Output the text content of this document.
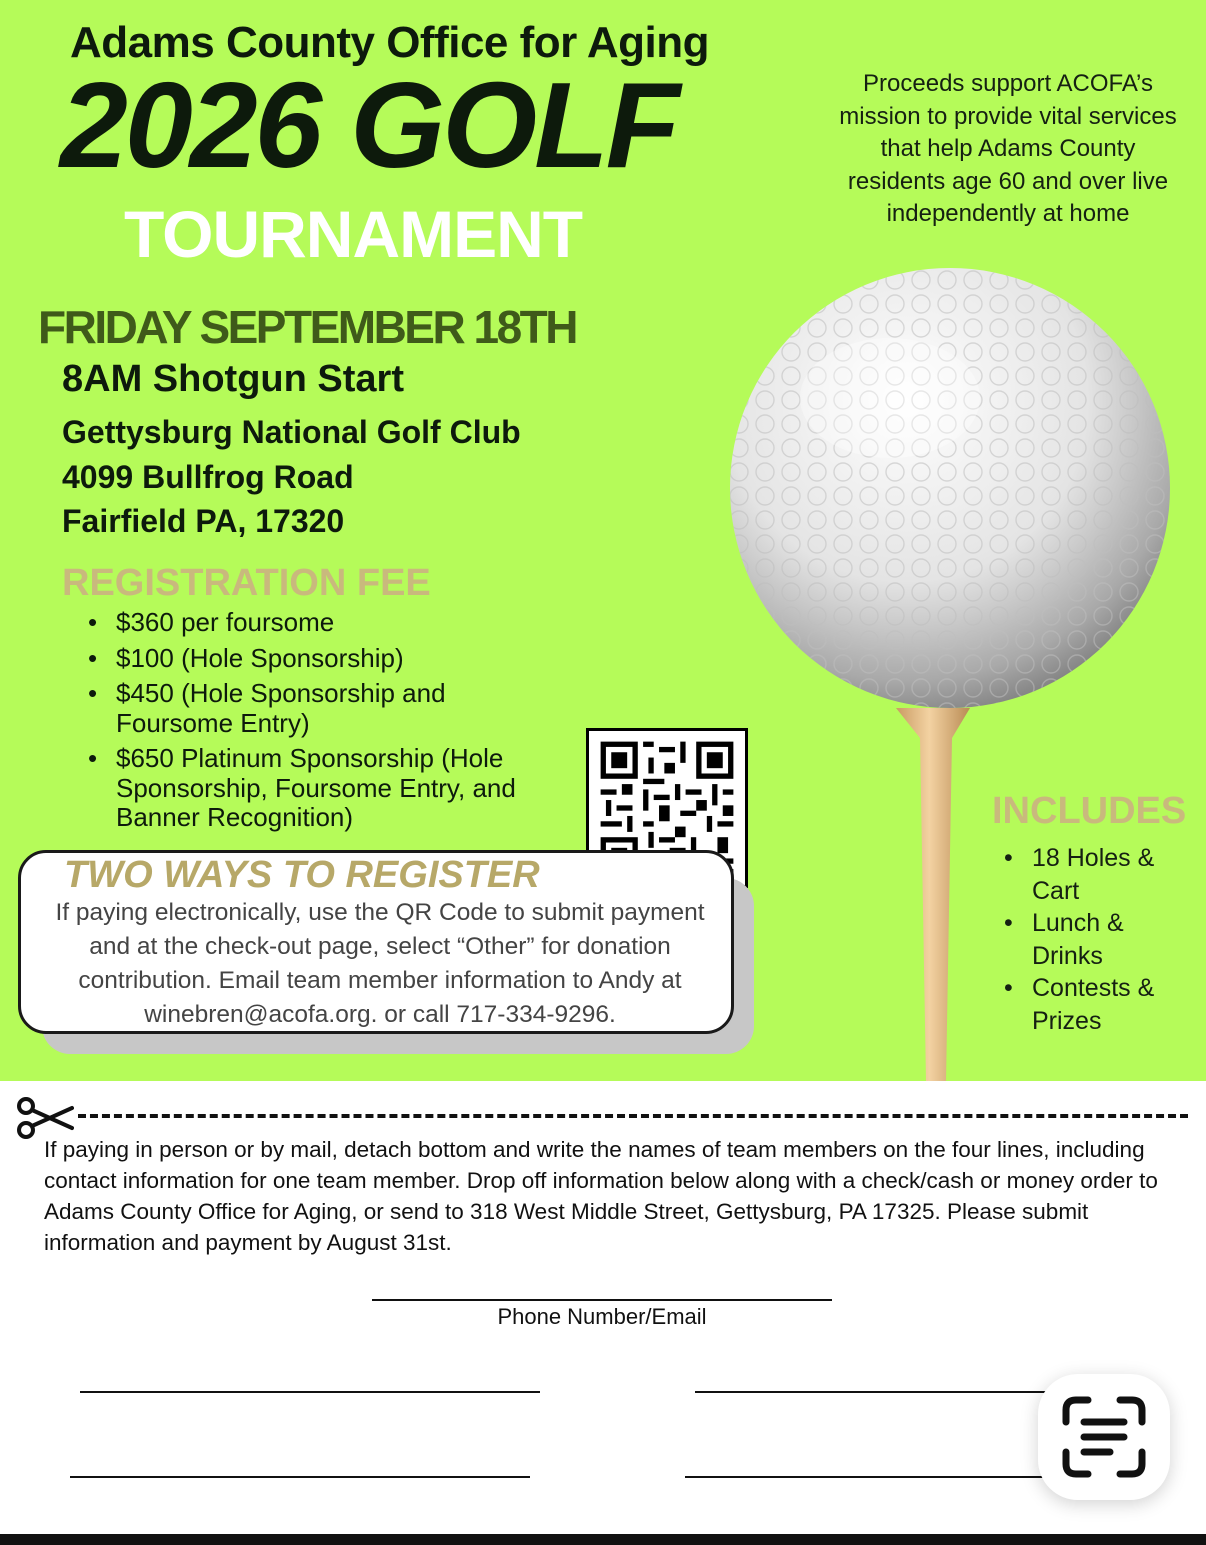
Adams County Office for Aging
2026 GOLF
TOURNAMENT
Proceeds support ACOFA’s mission to provide vital services that help Adams County residents age 60 and over live independently at home
FRIDAY SEPTEMBER 18TH
8AM Shotgun Start
Gettysburg National Golf Club
4099 Bullfrog Road
Fairfield PA, 17320
REGISTRATION FEE
• $360 per foursome
• $100 (Hole Sponsorship)
• $450 (Hole Sponsorship and Foursome Entry)
• $650 Platinum Sponsorship (Hole Sponsorship, Foursome Entry, and Banner Recognition)
TWO WAYS TO REGISTER
If paying electronically, use the QR Code to submit payment and at the check-out page, select “Other” for donation contribution. Email team member information to Andy at winebren@acofa.org. or call 717-334-9296.
INCLUDES
• 18 Holes & Cart
• Lunch & Drinks
• Contests & Prizes
If paying in person or by mail, detach bottom and write the names of team members on the four lines, including contact information for one team member. Drop off information below along with a check/cash or money order to Adams County Office for Aging, or send to 318 West Middle Street, Gettysburg, PA 17325. Please submit information and payment by August 31st.
Phone Number/Email
